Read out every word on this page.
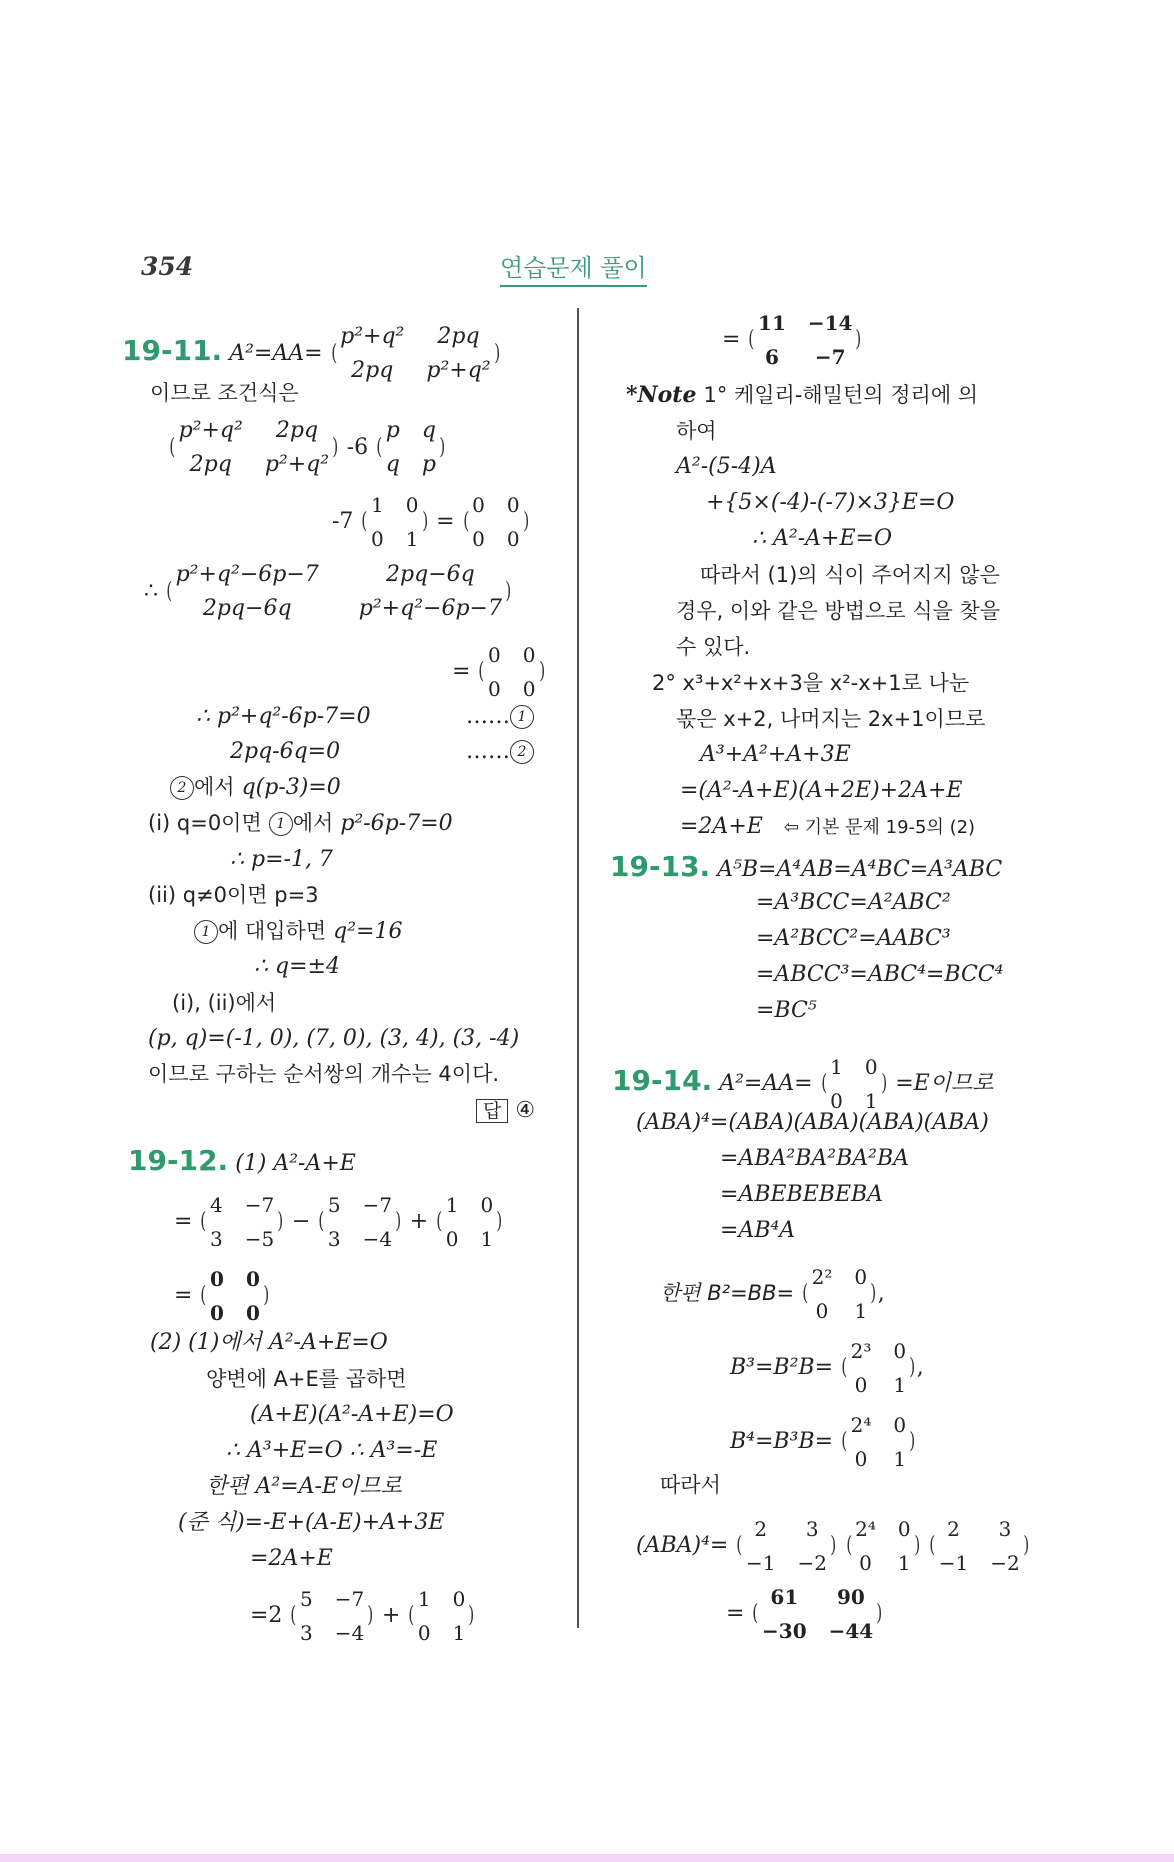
354	연습문제 풀이
19-11. A²=AA= (
p²+q²	2pq
2pq	p²+q²
)
이므로 조건식은
(
p²+q²	2pq
2pq	p²+q²
) -6 (
p q
q p
)
-7 (
1 0
0 1
) = (
0 0
0 0
)
∴ (
p²+q²−6p−7	2pq−6q
2pq−6q	p²+q²−6p−7
)
= (
0 0
0 0
)
∴ p²+q²-6p-7=0	…… 1
2pq-6q=0	…… 2
2 에서 q(p-3)=0
(i) q=0이면 1 에서 p²-6p-7=0
∴ p=-1, 7
(ii) q≠0이면 p=3
1 에 대입하면 q²=16
∴ q=±4
(i), (ii)에서
(p, q)=(-1, 0), (7, 0), (3, 4), (3, -4)
이므로 구하는 순서쌍의 개수는 4이다.
답 ④
19-12. (1) A²-A+E
= (
4 −7
3 −5
) − (
5 −7
3 −4
) + (
1 0
0 1
)
= (
0 0
0 0
)
(2) (1)에서 A²-A+E=O
양변에 A+E를 곱하면
(A+E)(A²-A+E)=O
∴ A³+E=O ∴ A³=-E
한편 A²=A-E이므로
(준 식)=-E+(A-E)+A+3E
=2A+E
=2 (
5 −7
3 −4
) + (
1 0
0 1
)
= (
11 −14
6	−7
)
*Note 1° 케일리-해밀턴의 정리에 의
하여
A²-(5-4)A
+{5×(-4)-(-7)×3}E=O
∴ A²-A+E=O
따라서 (1)의 식이 주어지지 않은
경우, 이와 같은 방법으로 식을 찾을
수 있다.
2° x³+x²+x+3을 x²-x+1로 나눈
몫은 x+2, 나머지는 2x+1이므로
A³+A²+A+3E
=(A²-A+E)(A+2E)+2A+E
=2A+E ⇦ 기본 문제 19-5의 (2)
19-13. A⁵B=A⁴AB=A⁴BC=A³ABC
=A³BCC=A²ABC²
=A²BCC²=AABC³
=ABCC³=ABC⁴=BCC⁴
=BC⁵
19-14. A²=AA= (
1 0
0 1
) =E이므로
(ABA)⁴=(ABA)(ABA)(ABA)(ABA)
=ABA²BA²BA²BA
=ABEBEBEBA
=AB⁴A
한편 B²=BB= (
2² 0
0 1
) ,
B³=B²B= (
2³ 0
0 1
) ,
B⁴=B³B= (
2⁴ 0
0 1
)
따라서
(ABA)⁴= (
2	3
−1 −2
)
(
2⁴ 0
0 1
)
(
2	3
−1 −2
)
= (
61	90
−30 −44
)
